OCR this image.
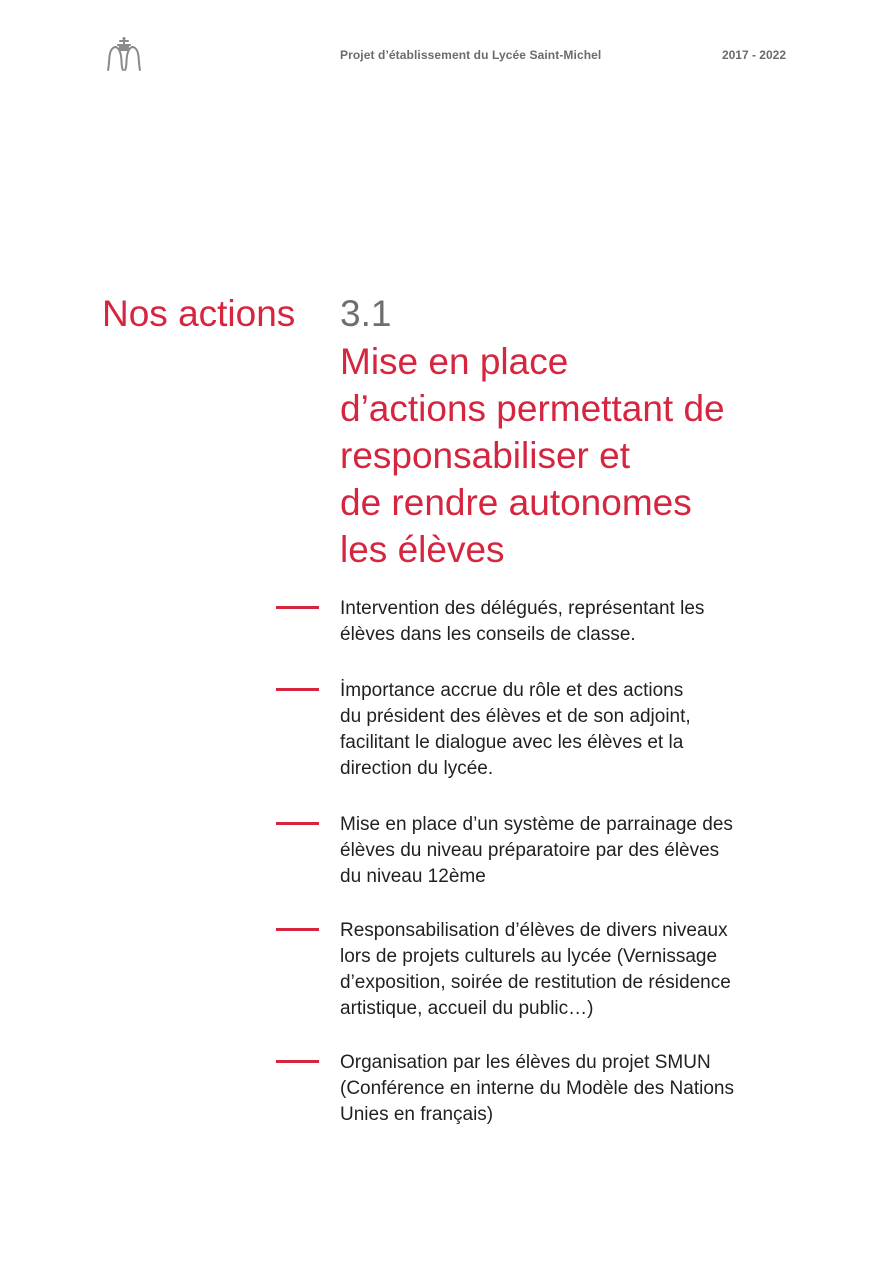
Projet d’établissement du Lycée Saint-Michel	2017 - 2022
Nos actions 3.1
Mise en place
d’actions permettant de
responsabiliser et
de rendre autonomes
les élèves
Intervention des délégués, représentant les
élèves dans les conseils de classe.
İmportance accrue du rôle et des actions
du président des élèves et de son adjoint,
facilitant le dialogue avec les élèves et la
direction du lycée.
Mise en place d’un système de parrainage des
élèves du niveau préparatoire par des élèves
du niveau 12ème
Responsabilisation d’élèves de divers niveaux
lors de projets culturels au lycée (Vernissage
d’exposition, soirée de restitution de résidence
artistique, accueil du public…)
Organisation par les élèves du projet SMUN
(Conférence en interne du Modèle des Nations
Unies en français)
